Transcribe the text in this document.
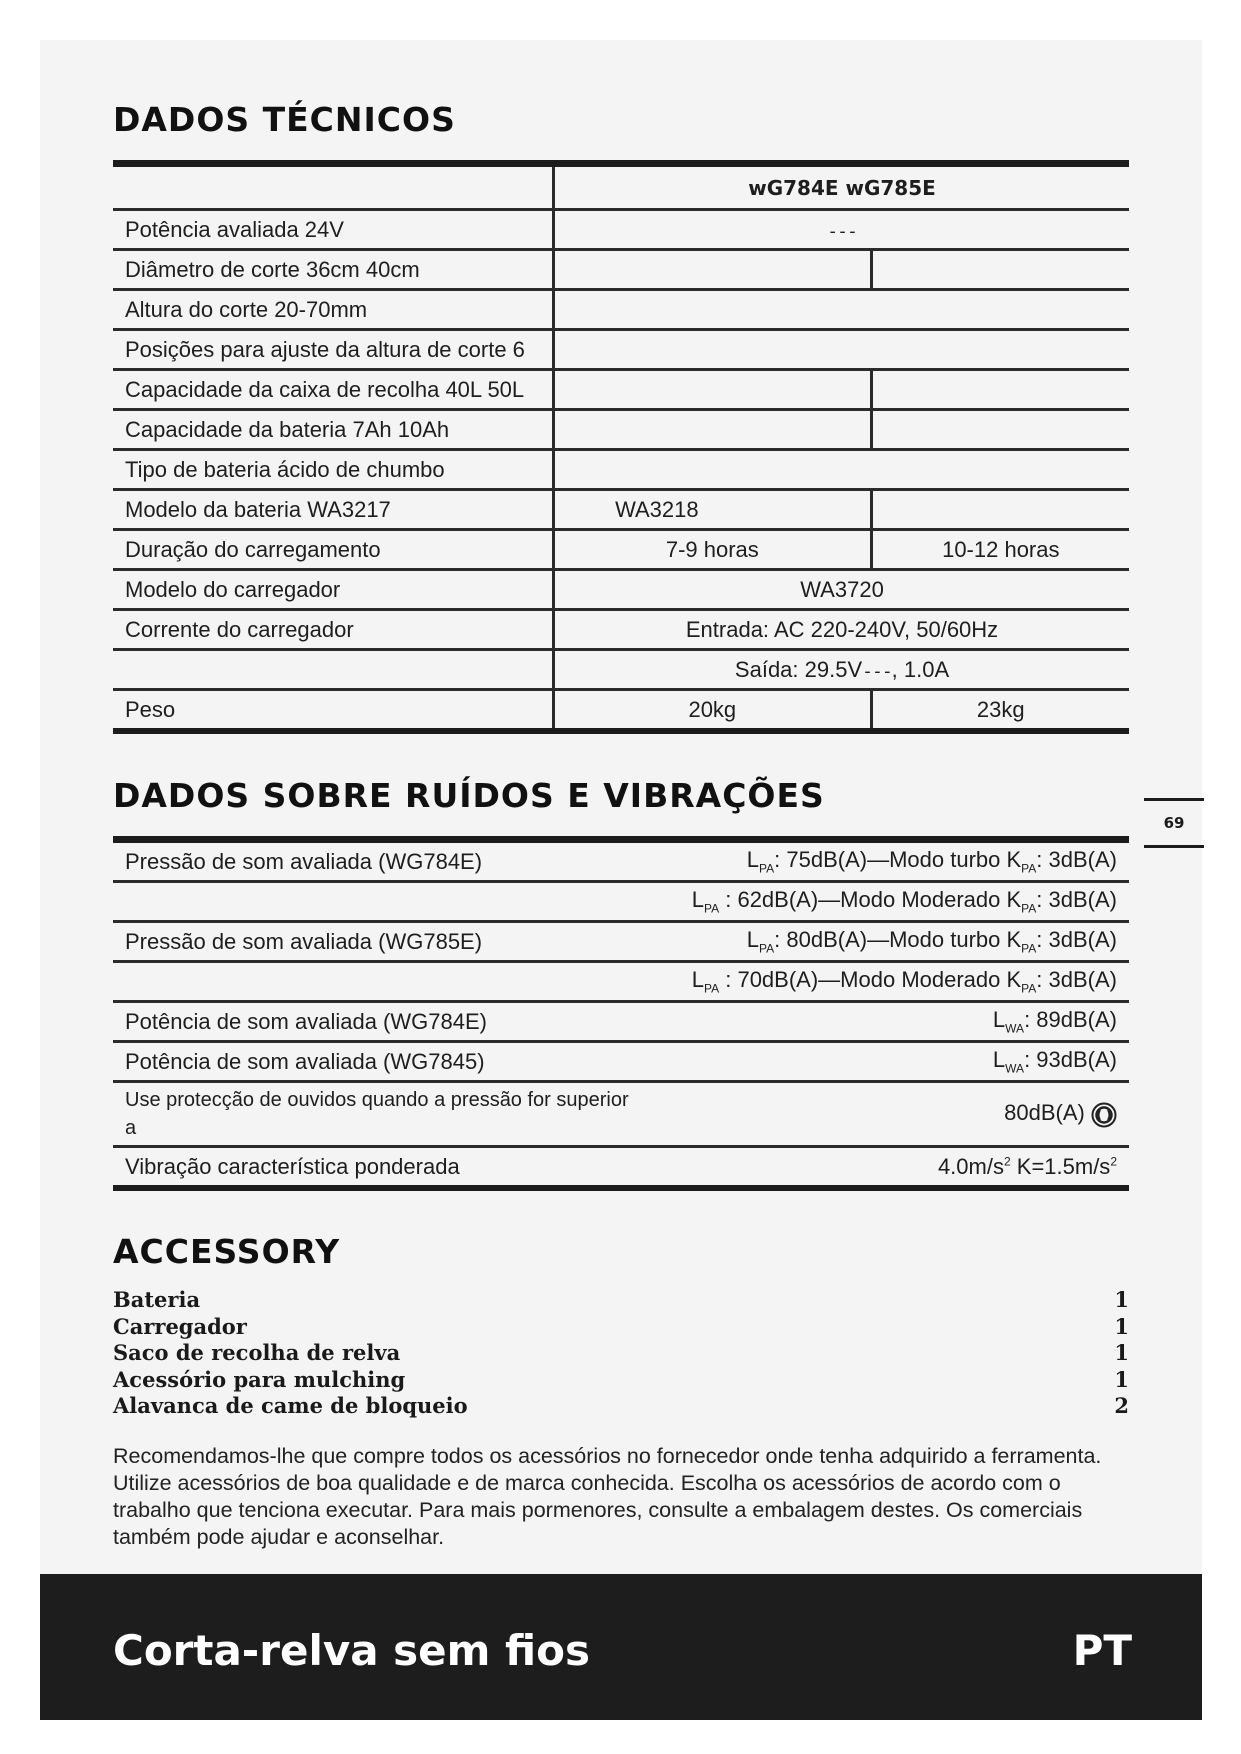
DADOS TÉCNICOS
	wG784E wG785E	
Potência avaliada 24V	---	
Diâmetro de corte 36cm 40cm		
Altura do corte 20-70mm		
Posições para ajuste da altura de corte 6		
Capacidade da caixa de recolha 40L 50L		
Capacidade da bateria 7Ah 10Ah		
Tipo de bateria ácido de chumbo		
Modelo da bateria WA3217	WA3218	
Duração do carregamento	7-9 horas	10-12 horas
Modelo do carregador	WA3720	
Corrente do carregador	Entrada: AC 220-240V, 50/60Hz	
	Saída: 29.5V---, 1.0A	
Peso	20kg	23kg
DADOS SOBRE RUÍDOS E VIBRAÇÕES
Pressão de som avaliada (WG784E)	$L_{PA}$: 75dB(A)—Modo turbo $K_{PA}$: 3dB(A)
	$L_{PA}$ : 62dB(A)—Modo Moderado $K_{PA}$: 3dB(A)
Pressão de som avaliada (WG785E)	$L_{PA}$: 80dB(A)—Modo turbo $K_{PA}$: 3dB(A)
	$L_{PA}$ : 70dB(A)—Modo Moderado $K_{PA}$: 3dB(A)
Potência de som avaliada (WG784E)	$L_{WA}$: 89dB(A)
Potência de som avaliada (WG7845)	$L_{WA}$: 93dB(A)
Use protecção de ouvidos quando a pressão for superior a	80dB(A)
Vibração característica ponderada	$4.0m/s^2$ $K=1.5m/s^2$
69
ACCESSORY
Bateria	1
Carregador	1
Saco de recolha de relva	1
Acessório para mulching	1
Alavanca de came de bloqueio	2

Recomendamos-lhe que compre todos os acessórios no fornecedor onde tenha adquirido a ferramenta. Utilize acessórios de boa qualidade e de marca conhecida. Escolha os acessórios de acordo com o trabalho que tenciona executar. Para mais pormenores, consulte a embalagem destes. Os comerciais também pode ajudar e aconselhar.

Corta-relva sem fios	PT
